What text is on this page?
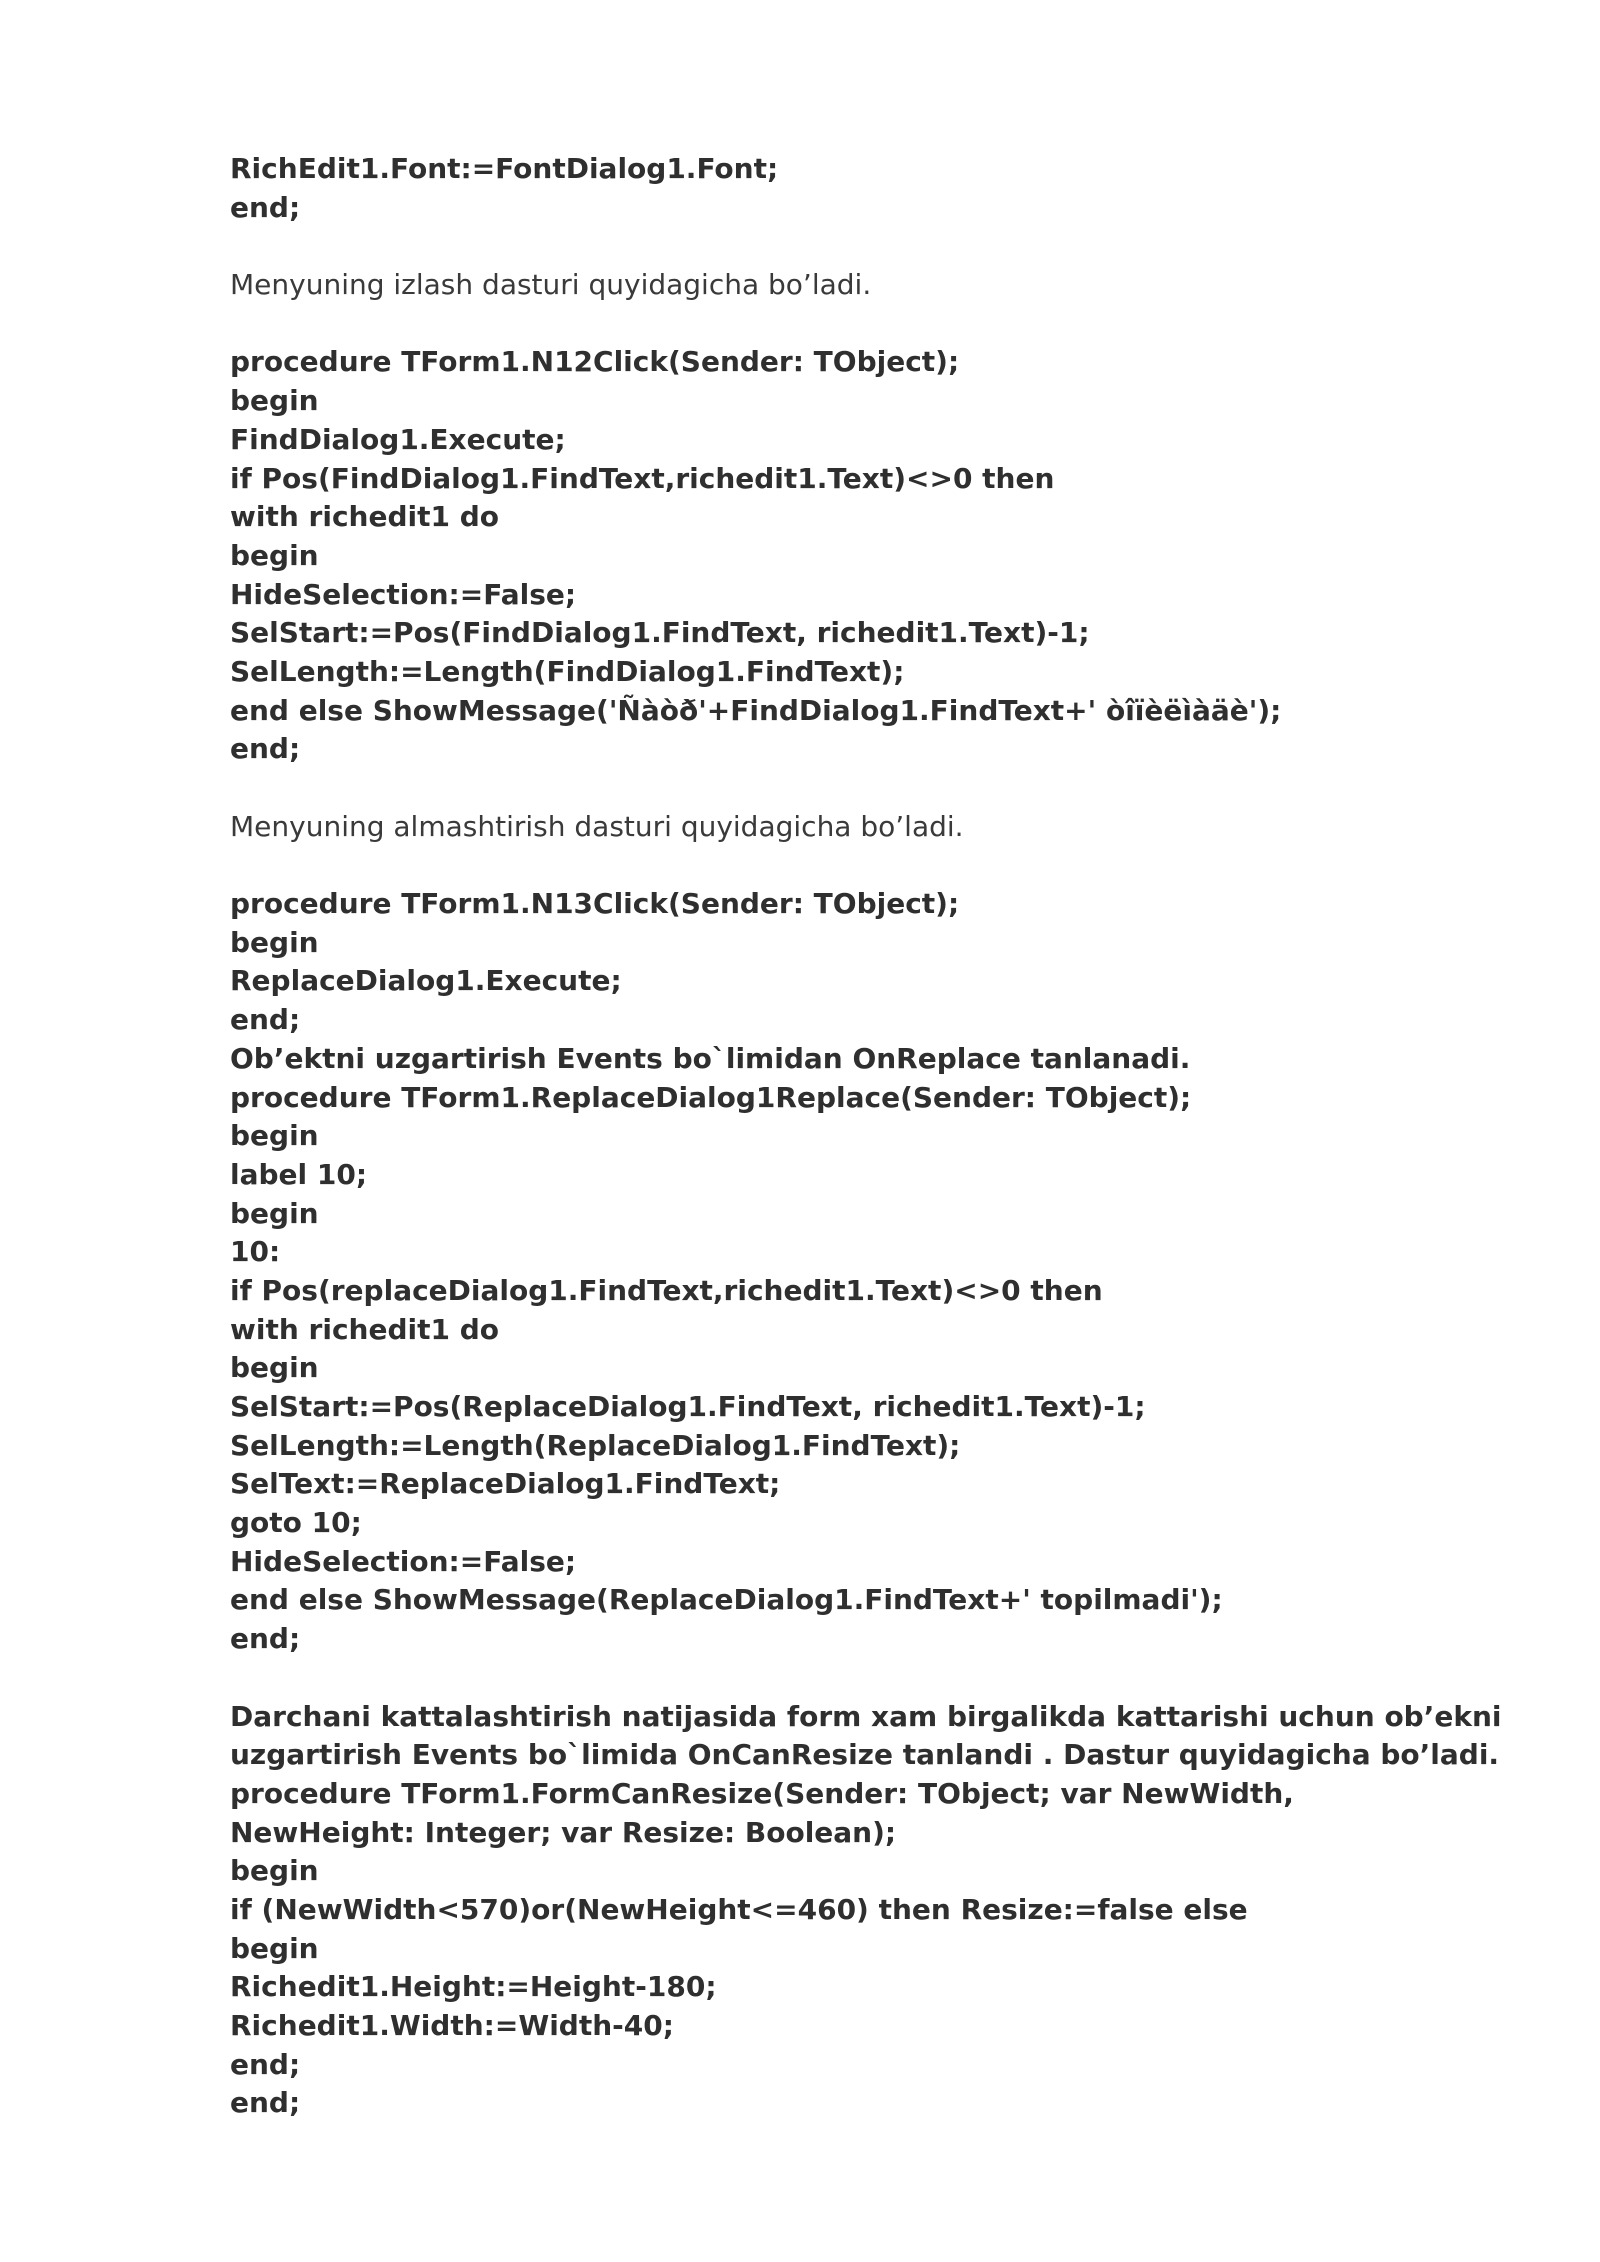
RichEdit1.Font:=FontDialog1.Font;
end;
Menyuning izlash dasturi quyidagicha bo’ladi.
procedure TForm1.N12Click(Sender: TObject);
begin
FindDialog1.Execute;
if Pos(FindDialog1.FindText,richedit1.Text)<>0 then
with richedit1 do
begin
HideSelection:=False;
SelStart:=Pos(FindDialog1.FindText, richedit1.Text)-1;
SelLength:=Length(FindDialog1.FindText);
end else ShowMessage('Ñàòð'+FindDialog1.FindText+' òîïèëìàäè');
end;
Menyuning almashtirish dasturi quyidagicha bo’ladi.
procedure TForm1.N13Click(Sender: TObject);
begin
ReplaceDialog1.Execute;
end;
Ob’ektni uzgartirish Events bo`limidan OnReplace tanlanadi.
procedure TForm1.ReplaceDialog1Replace(Sender: TObject);
begin
label 10;
begin
10:
if Pos(replaceDialog1.FindText,richedit1.Text)<>0 then
with richedit1 do
begin
SelStart:=Pos(ReplaceDialog1.FindText, richedit1.Text)-1;
SelLength:=Length(ReplaceDialog1.FindText);
SelText:=ReplaceDialog1.FindText;
goto 10;
HideSelection:=False;
end else ShowMessage(ReplaceDialog1.FindText+' topilmadi');
end;
Darchani kattalashtirish natijasida form xam birgalikda kattarishi uchun ob’ekni
uzgartirish Events bo`limida OnCanResize tanlandi . Dastur quyidagicha bo’ladi.
procedure TForm1.FormCanResize(Sender: TObject; var NewWidth,
NewHeight: Integer; var Resize: Boolean);
begin
if (NewWidth<570)or(NewHeight<=460) then Resize:=false else
begin
Richedit1.Height:=Height-180;
Richedit1.Width:=Width-40;
end;
end;
